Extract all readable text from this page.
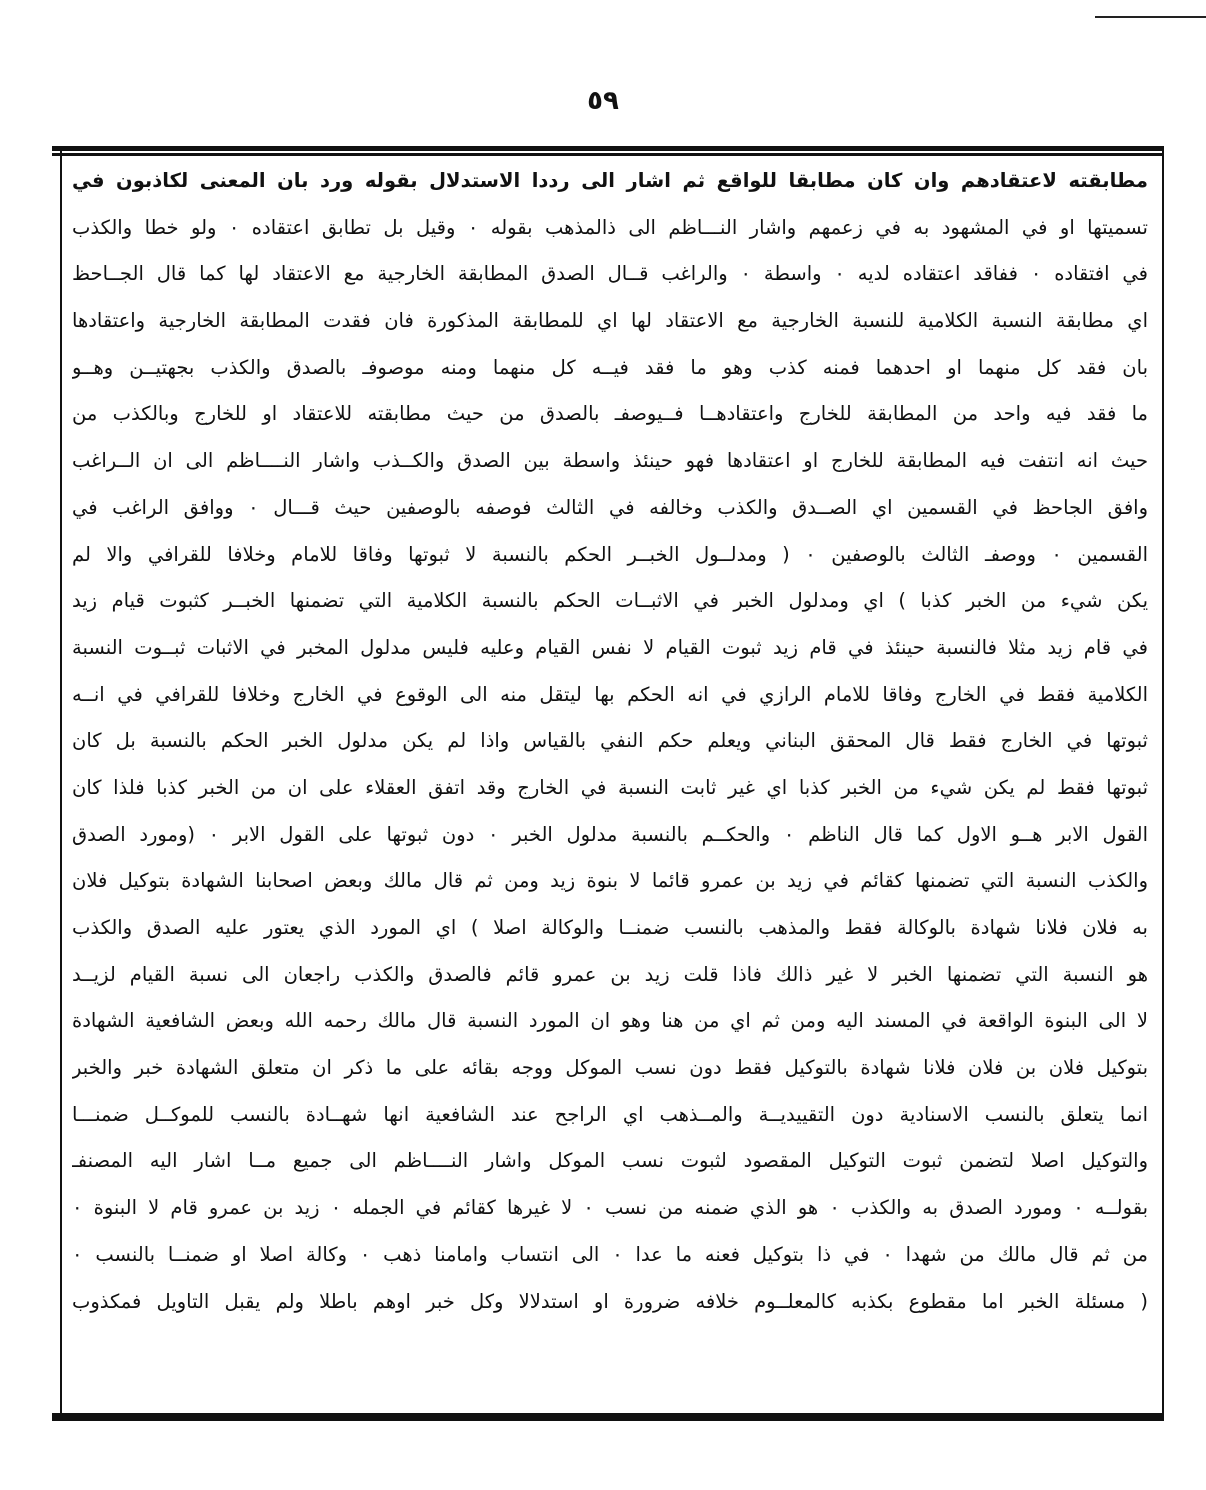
٥٩
مطابقته لاعتقادهم وان كان مطابقا للواقع ثم اشار الى رددا الاستدلال بقوله ورد بان المعنى لكاذبون في
تسميتها او في المشهود به في زعمهم واشار النـــاظم الى ذالمذهب بقوله ٠ وقيل بل تطابق اعتقاده ٠ ولو خطا والكذب
في افتقاده ٠ ففاقد اعتقاده لديه ٠ واسطة ٠ والراغب قــال الصدق المطابقة الخارجية مع الاعتقاد لها كما قال الجــاحظ
اي مطابقة النسبة الكلامية للنسبة الخارجية مع الاعتقاد لها اي للمطابقة المذكورة فان فقدت المطابقة الخارجية واعتقادها
بان فقد كل منهما او احدهما فمنه كذب وهو ما فقد فيــه كل منهما ومنه موصوفـ بالصدق والكذب بجهتيــن وهــو
ما فقد فيه واحد من المطابقة للخارج واعتقادهــا فــيوصفـ بالصدق من حيث مطابقته للاعتقاد او للخارج وبالكذب من
حيث انه انتفت فيه المطابقة للخارج او اعتقادها فهو حينئذ واسطة بين الصدق والكــذب واشار النــــاظم الى ان الــراغب
وافق الجاحظ في القسمين اي الصــدق والكذب وخالفه في الثالث فوصفه بالوصفين حيث قـــال ٠ ووافق الراغب في
القسمين ٠ ووصفـ الثالث بالوصفين ٠ ( ومدلــول الخبــر الحكم بالنسبة لا ثبوتها وفاقا للامام وخلافا للقرافي والا لم
يكن شيء من الخبر كذبا ) اي ومدلول الخبر في الاثبــات الحكم بالنسبة الكلامية التي تضمنها الخبــر كثبوت قيام زيد
في قام زيد مثلا فالنسبة حينئذ في قام زيد ثبوت القيام لا نفس القيام وعليه فليس مدلول المخبر في الاثبات ثبــوت النسبة
الكلامية فقط في الخارج وفاقا للامام الرازي في انه الحكم بها ليتقل منه الى الوقوع في الخارج وخلافا للقرافي في انــه
ثبوتها في الخارج فقط قال المحقق البناني ويعلم حكم النفي بالقياس واذا لم يكن مدلول الخبر الحكم بالنسبة بل كان
ثبوتها فقط لم يكن شيء من الخبر كذبا اي غير ثابت النسبة في الخارج وقد اتفق العقلاء على ان من الخبر كذبا فلذا كان
القول الابر هــو الاول كما قال الناظم ٠ والحكــم بالنسبة مدلول الخبر ٠ دون ثبوتها على القول الابر ٠ (ومورد الصدق
والكذب النسبة التي تضمنها كقائم في زيد بن عمرو قائما لا بنوة زيد ومن ثم قال مالك وبعض اصحابنا الشهادة بتوكيل فلان
به فلان فلانا شهادة بالوكالة فقط والمذهب بالنسب ضمنــا والوكالة اصلا ) اي المورد الذي يعتور عليه الصدق والكذب
هو النسبة التي تضمنها الخبر لا غير ذالك فاذا قلت زيد بن عمرو قائم فالصدق والكذب راجعان الى نسبة القيام لزيــد
لا الى البنوة الواقعة في المسند اليه ومن ثم اي من هنا وهو ان المورد النسبة قال مالك رحمه الله وبعض الشافعية الشهادة
بتوكيل فلان بن فلان فلانا شهادة بالتوكيل فقط دون نسب الموكل ووجه بقائه على ما ذكر ان متعلق الشهادة خبر والخبر
انما يتعلق بالنسب الاسنادية دون التقييديــة والمــذهب اي الراجح عند الشافعية انها شهــادة بالنسب للموكــل ضمنـــا
والتوكيل اصلا لتضمن ثبوت التوكيل المقصود لثبوت نسب الموكل واشار النــــاظم الى جميع مــا اشار اليه المصنفـ
بقولــه ٠ ومورد الصدق به والكذب ٠ هو الذي ضمنه من نسب ٠ لا غيرها كقائم في الجمله ٠ زيد بن عمرو قام لا البنوة ٠
من ثم قال مالك من شهدا ٠ في ذا بتوكيل فعنه ما عدا ٠ الى انتساب وامامنا ذهب ٠ وكالة اصلا او ضمنــا بالنسب ٠
( مسئلة الخبر اما مقطوع بكذبه كالمعلــوم خلافه ضرورة او استدلالا وكل خبر اوهم باطلا ولم يقبل التاويل فمكذوب
